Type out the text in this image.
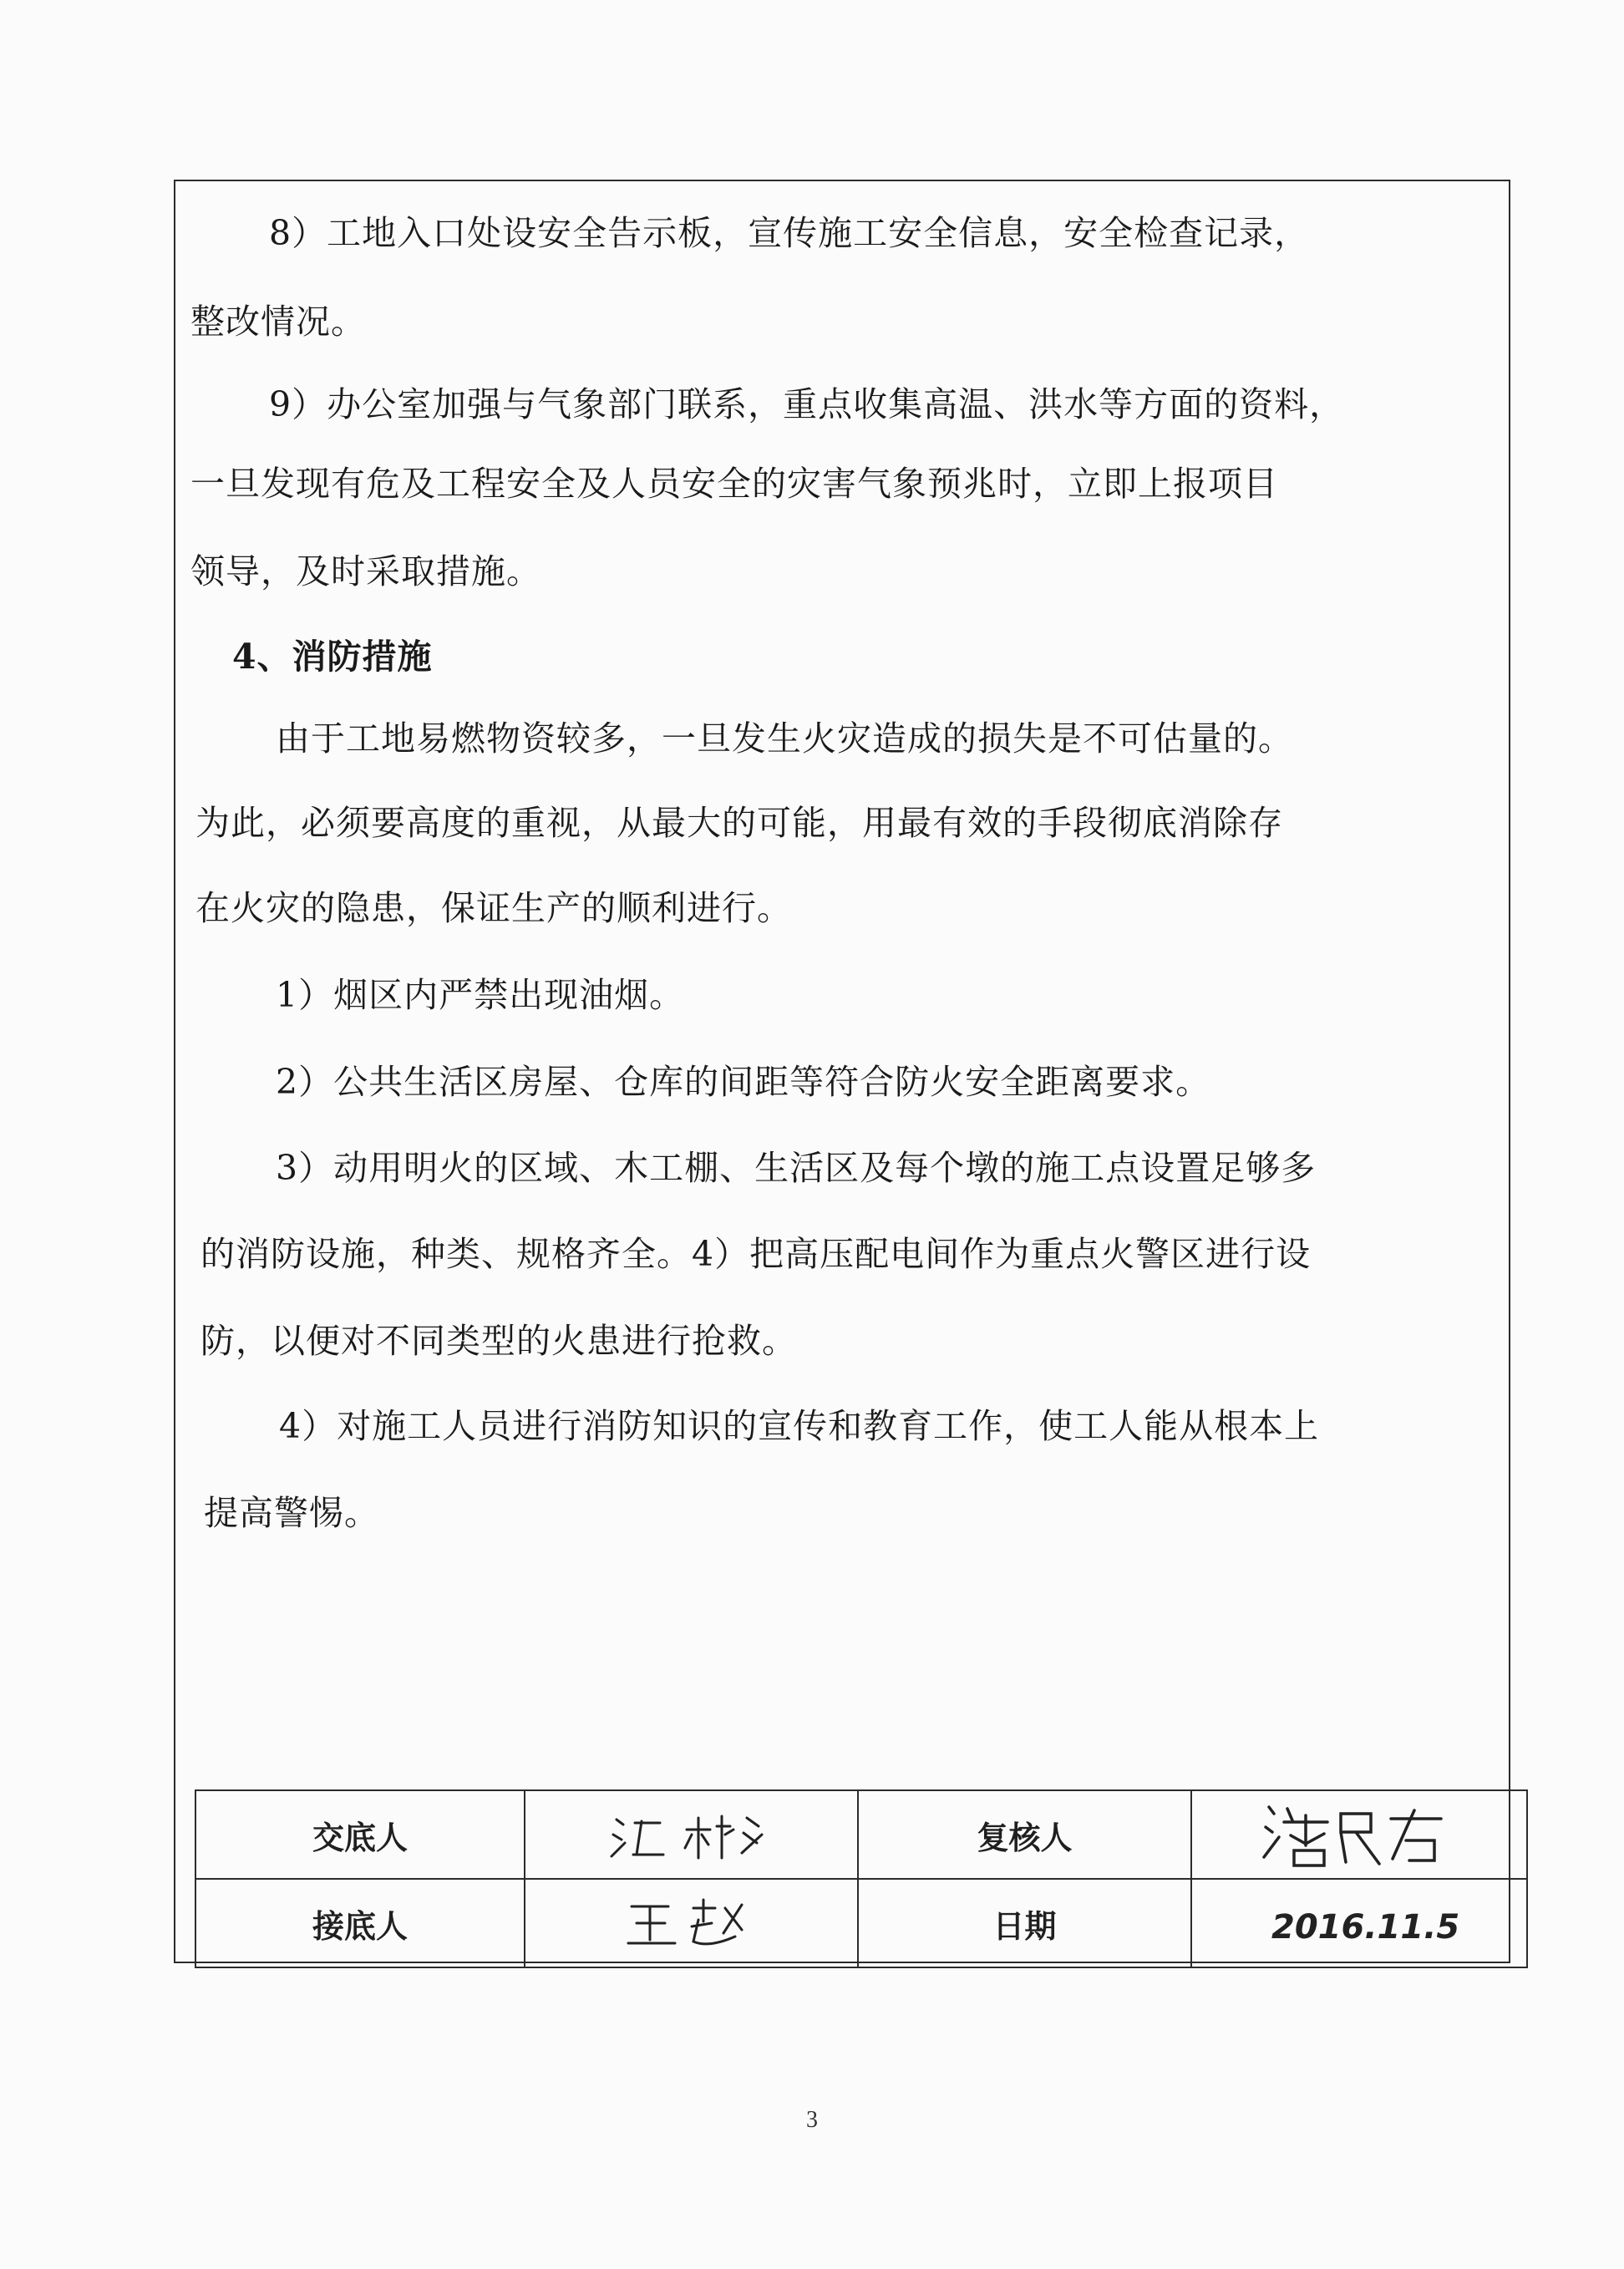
8）工地入口处设安全告示板，宣传施工安全信息，安全检查记录，

整改情况。

9）办公室加强与气象部门联系，重点收集高温、洪水等方面的资料，

一旦发现有危及工程安全及人员安全的灾害气象预兆时，立即上报项目

领导，及时采取措施。

4、消防措施

由于工地易燃物资较多，一旦发生火灾造成的损失是不可估量的。

为此，必须要高度的重视，从最大的可能，用最有效的手段彻底消除存

在火灾的隐患，保证生产的顺利进行。

1）烟区内严禁出现油烟。

2）公共生活区房屋、仓库的间距等符合防火安全距离要求。

3）动用明火的区域、木工棚、生活区及每个墩的施工点设置足够多

的消防设施，种类、规格齐全。4）把高压配电间作为重点火警区进行设

防，以便对不同类型的火患进行抢救。

4）对施工人员进行消防知识的宣传和教育工作，使工人能从根本上

提高警惕。

交底人		复核人	

接底人		日期	2016.11.5
3
